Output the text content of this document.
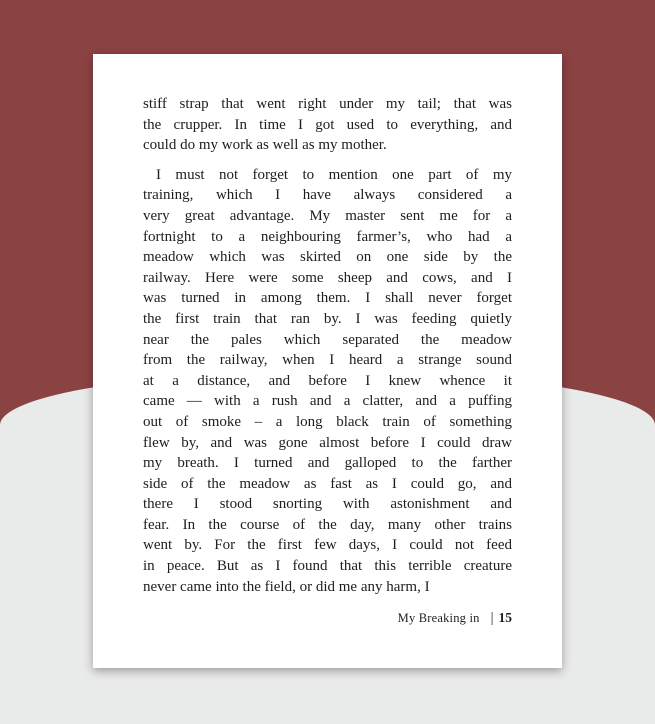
stiff strap that went right under my tail; that was
the crupper. In time I got used to everything, and
could do my work as well as my mother.
I must not forget to mention one part of my
training, which I have always considered a
very great advantage. My master sent me for a
fortnight to a neighbouring farmer’s, who had a
meadow which was skirted on one side by the
railway. Here were some sheep and cows, and I
was turned in among them. I shall never forget
the first train that ran by. I was feeding quietly
near the pales which separated the meadow
from the railway, when I heard a strange sound
at a distance, and before I knew whence it
came — with a rush and a clatter, and a puffing
out of smoke – a long black train of something
flew by, and was gone almost before I could draw
my breath. I turned and galloped to the farther
side of the meadow as fast as I could go, and
there I stood snorting with astonishment and
fear. In the course of the day, many other trains
went by. For the first few days, I could not feed
in peace. But as I found that this terrible creature
never came into the field, or did me any harm, I
My Breaking in | 15
